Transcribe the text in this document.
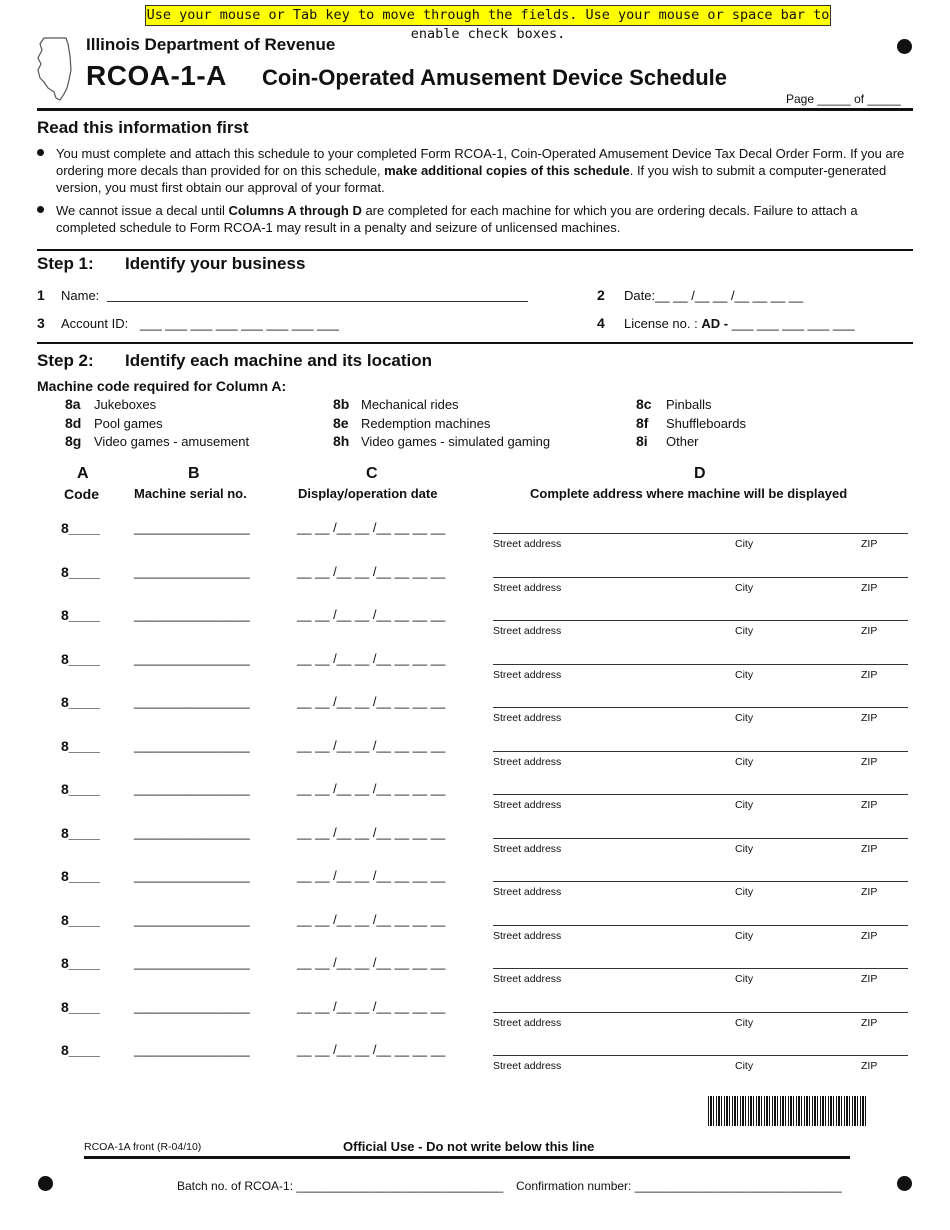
Use your mouse or Tab key to move through the fields. Use your mouse or space bar to enable check boxes.
Illinois Department of Revenue
RCOA-1-A Coin-Operated Amusement Device Schedule
Page _____ of _____
Read this information first
You must complete and attach this schedule to your completed Form RCOA-1, Coin-Operated Amusement Device Tax Decal Order Form. If you are ordering more decals than provided for on this schedule, make additional copies of this schedule. If you wish to submit a computer-generated version, you must first obtain our approval of your format.
We cannot issue a decal until Columns A through D are completed for each machine for which you are ordering decals. Failure to attach a completed schedule to Form RCOA-1 may result in a penalty and seizure of unlicensed machines.
Step 1: Identify your business
1 Name:	2 Date:__ __ /__ __ /__ __ __ __
3 Account ID: ___ ___ ___ ___ ___ ___ ___ ___	4 License no. : AD - ___ ___ ___ ___ ___
Step 2: Identify each machine and its location
Machine code required for Column A:
8a Jukeboxes	8b Mechanical rides	8c Pinballs
8d Pool games	8e Redemption machines	8f Shuffleboards
8g Video games - amusement	8h Video games - simulated gaming	8i Other
A
Code
B
Machine serial no.
C
Display/operation date
D
Complete address where machine will be displayed
8____	________________	__ __ /__ __ /__ __ __ __
Street address	City	ZIP
8____	________________	__ __ /__ __ /__ __ __ __
Street address	City	ZIP
8____	________________	__ __ /__ __ /__ __ __ __
Street address	City	ZIP
8____	________________	__ __ /__ __ /__ __ __ __
Street address	City	ZIP
8____	________________	__ __ /__ __ /__ __ __ __
Street address	City	ZIP
8____	________________	__ __ /__ __ /__ __ __ __
Street address	City	ZIP
8____	________________	__ __ /__ __ /__ __ __ __
Street address	City	ZIP
8____	________________	__ __ /__ __ /__ __ __ __
Street address	City	ZIP
8____	________________	__ __ /__ __ /__ __ __ __
Street address	City	ZIP
8____	________________	__ __ /__ __ /__ __ __ __
Street address	City	ZIP
8____	________________	__ __ /__ __ /__ __ __ __
Street address	City	ZIP
8____	________________	__ __ /__ __ /__ __ __ __
Street address	City	ZIP
8____	________________	__ __ /__ __ /__ __ __ __
Street address	City	ZIP
RCOA-1A front (R-04/10)	Official Use - Do not write below this line
Batch no. of RCOA-1: _______________________________ Confirmation number: _______________________________
